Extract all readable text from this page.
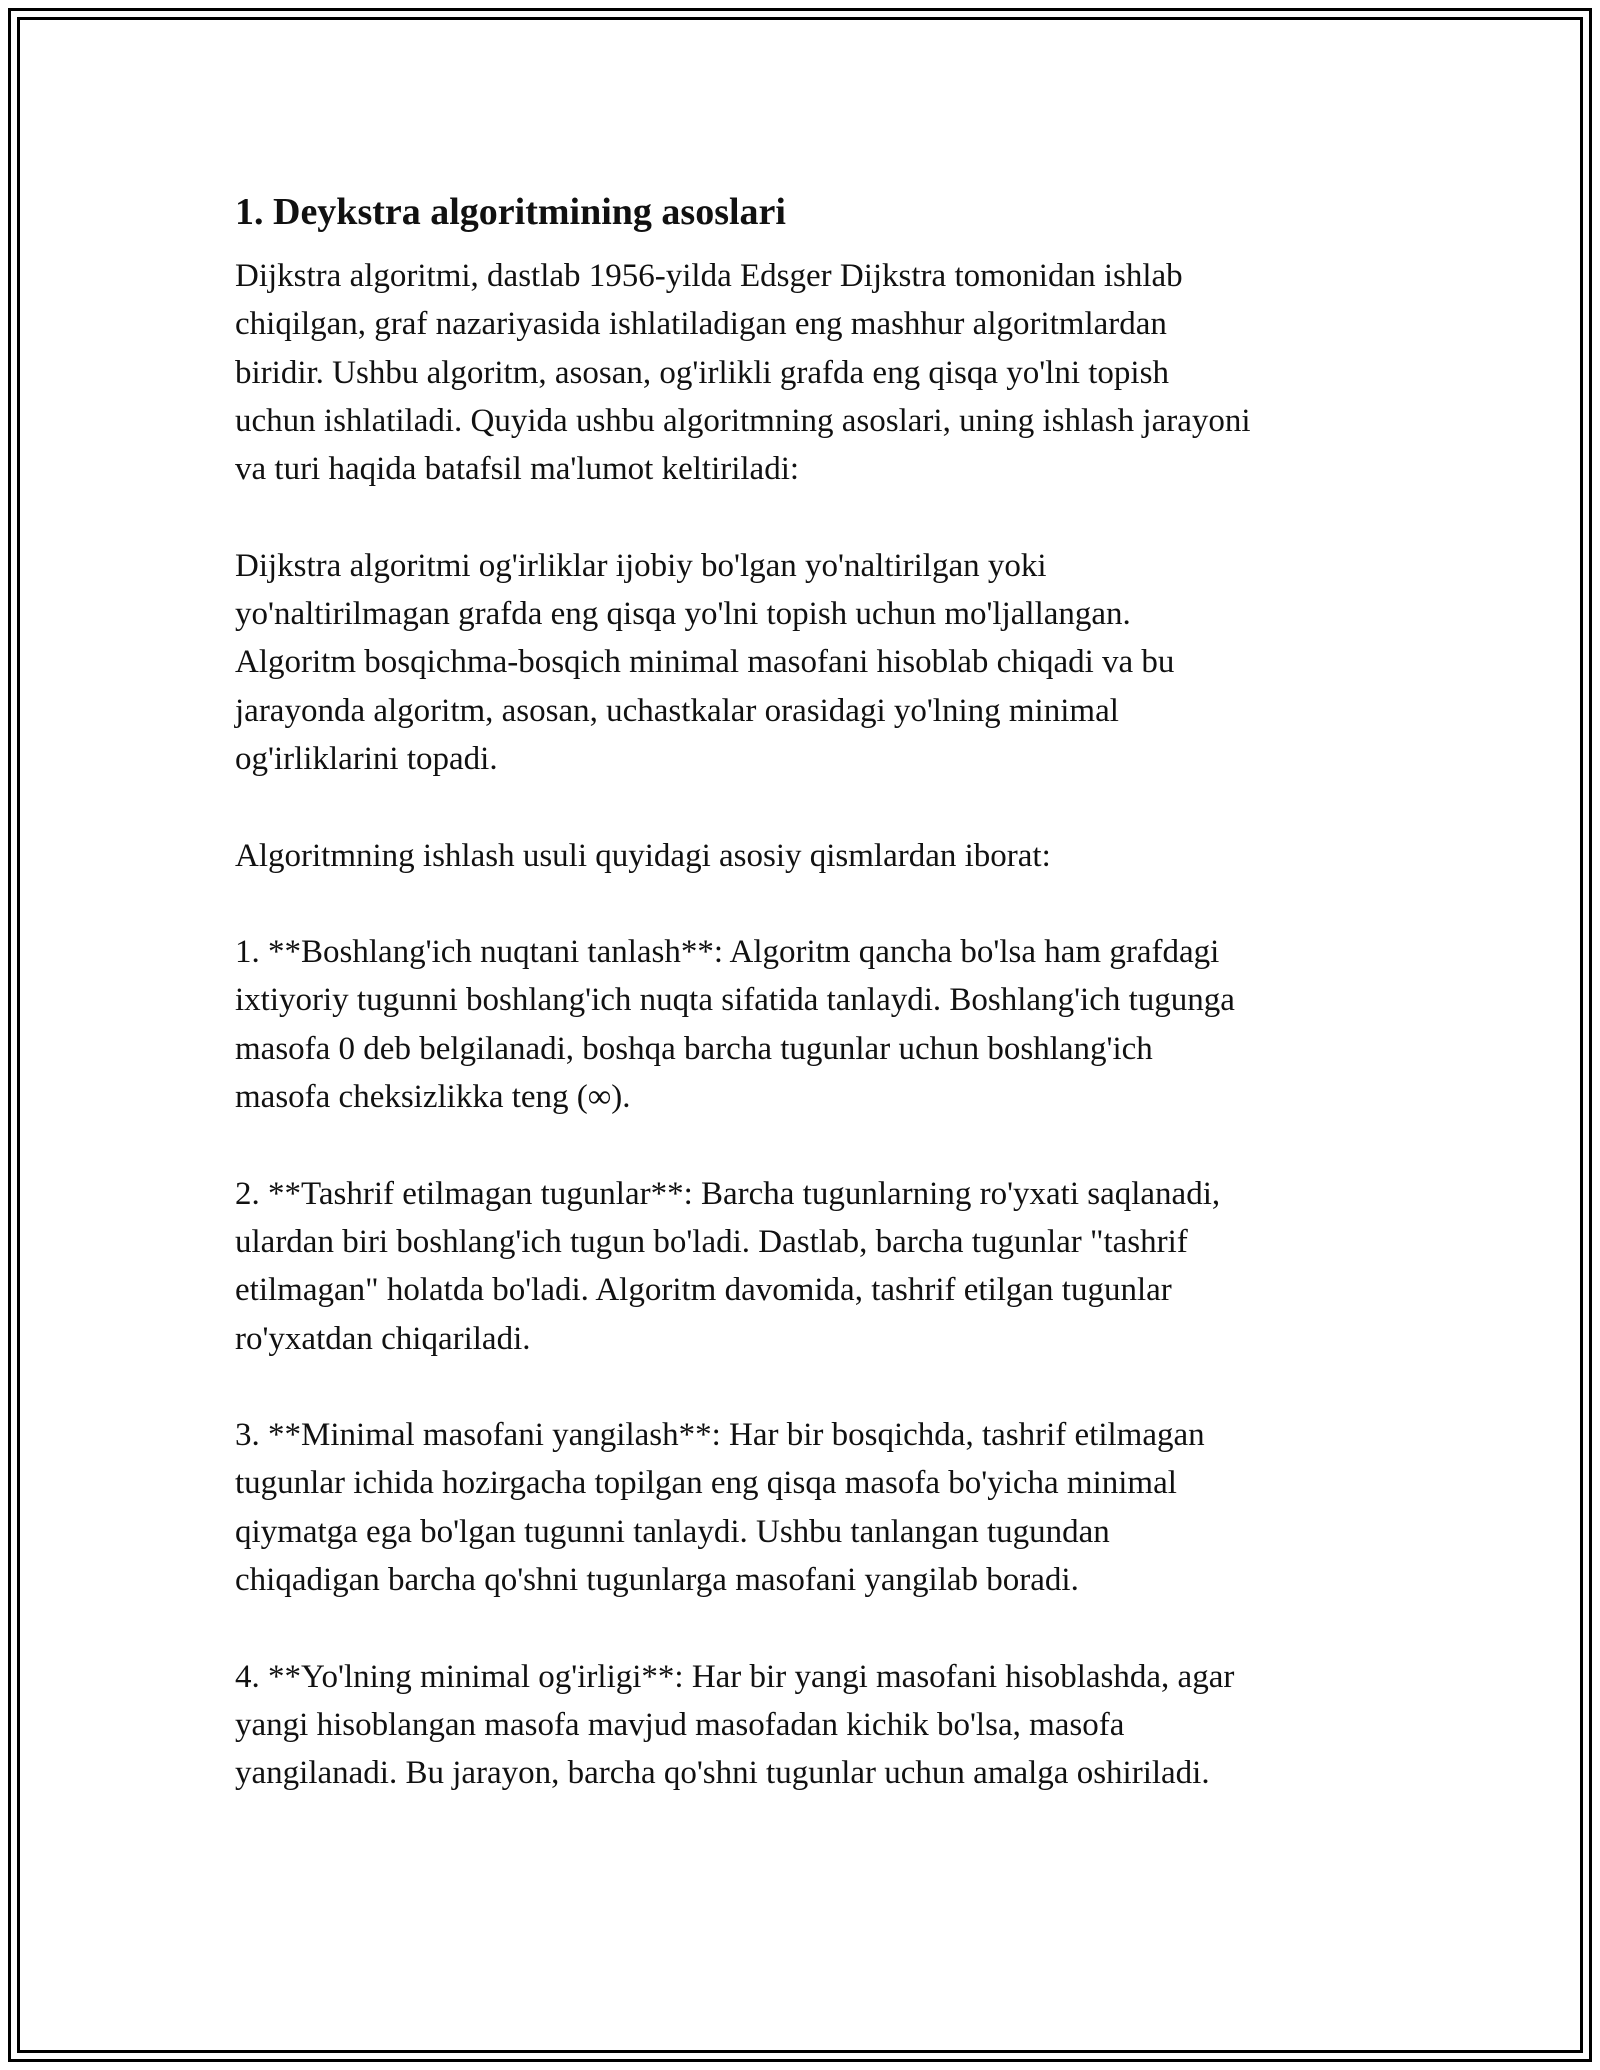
1. Deykstra algoritmining asoslari

Dijkstra algoritmi, dastlab 1956-yilda Edsger Dijkstra tomonidan ishlab
chiqilgan, graf nazariyasida ishlatiladigan eng mashhur algoritmlardan
biridir. Ushbu algoritm, asosan, og'irlikli grafda eng qisqa yo'lni topish
uchun ishlatiladi. Quyida ushbu algoritmning asoslari, uning ishlash jarayoni
va turi haqida batafsil ma'lumot keltiriladi:

Dijkstra algoritmi og'irliklar ijobiy bo'lgan yo'naltirilgan yoki
yo'naltirilmagan grafda eng qisqa yo'lni topish uchun mo'ljallangan.
Algoritm bosqichma-bosqich minimal masofani hisoblab chiqadi va bu
jarayonda algoritm, asosan, uchastkalar orasidagi yo'lning minimal
og'irliklarini topadi.

Algoritmning ishlash usuli quyidagi asosiy qismlardan iborat:

1. **Boshlang'ich nuqtani tanlash**: Algoritm qancha bo'lsa ham grafdagi
ixtiyoriy tugunni boshlang'ich nuqta sifatida tanlaydi. Boshlang'ich tugunga
masofa 0 deb belgilanadi, boshqa barcha tugunlar uchun boshlang'ich
masofa cheksizlikka teng (∞).

2. **Tashrif etilmagan tugunlar**: Barcha tugunlarning ro'yxati saqlanadi,
ulardan biri boshlang'ich tugun bo'ladi. Dastlab, barcha tugunlar "tashrif
etilmagan" holatda bo'ladi. Algoritm davomida, tashrif etilgan tugunlar
ro'yxatdan chiqariladi.

3. **Minimal masofani yangilash**: Har bir bosqichda, tashrif etilmagan
tugunlar ichida hozirgacha topilgan eng qisqa masofa bo'yicha minimal
qiymatga ega bo'lgan tugunni tanlaydi. Ushbu tanlangan tugundan
chiqadigan barcha qo'shni tugunlarga masofani yangilab boradi.

4. **Yo'lning minimal og'irligi**: Har bir yangi masofani hisoblashda, agar
yangi hisoblangan masofa mavjud masofadan kichik bo'lsa, masofa
yangilanadi. Bu jarayon, barcha qo'shni tugunlar uchun amalga oshiriladi.
